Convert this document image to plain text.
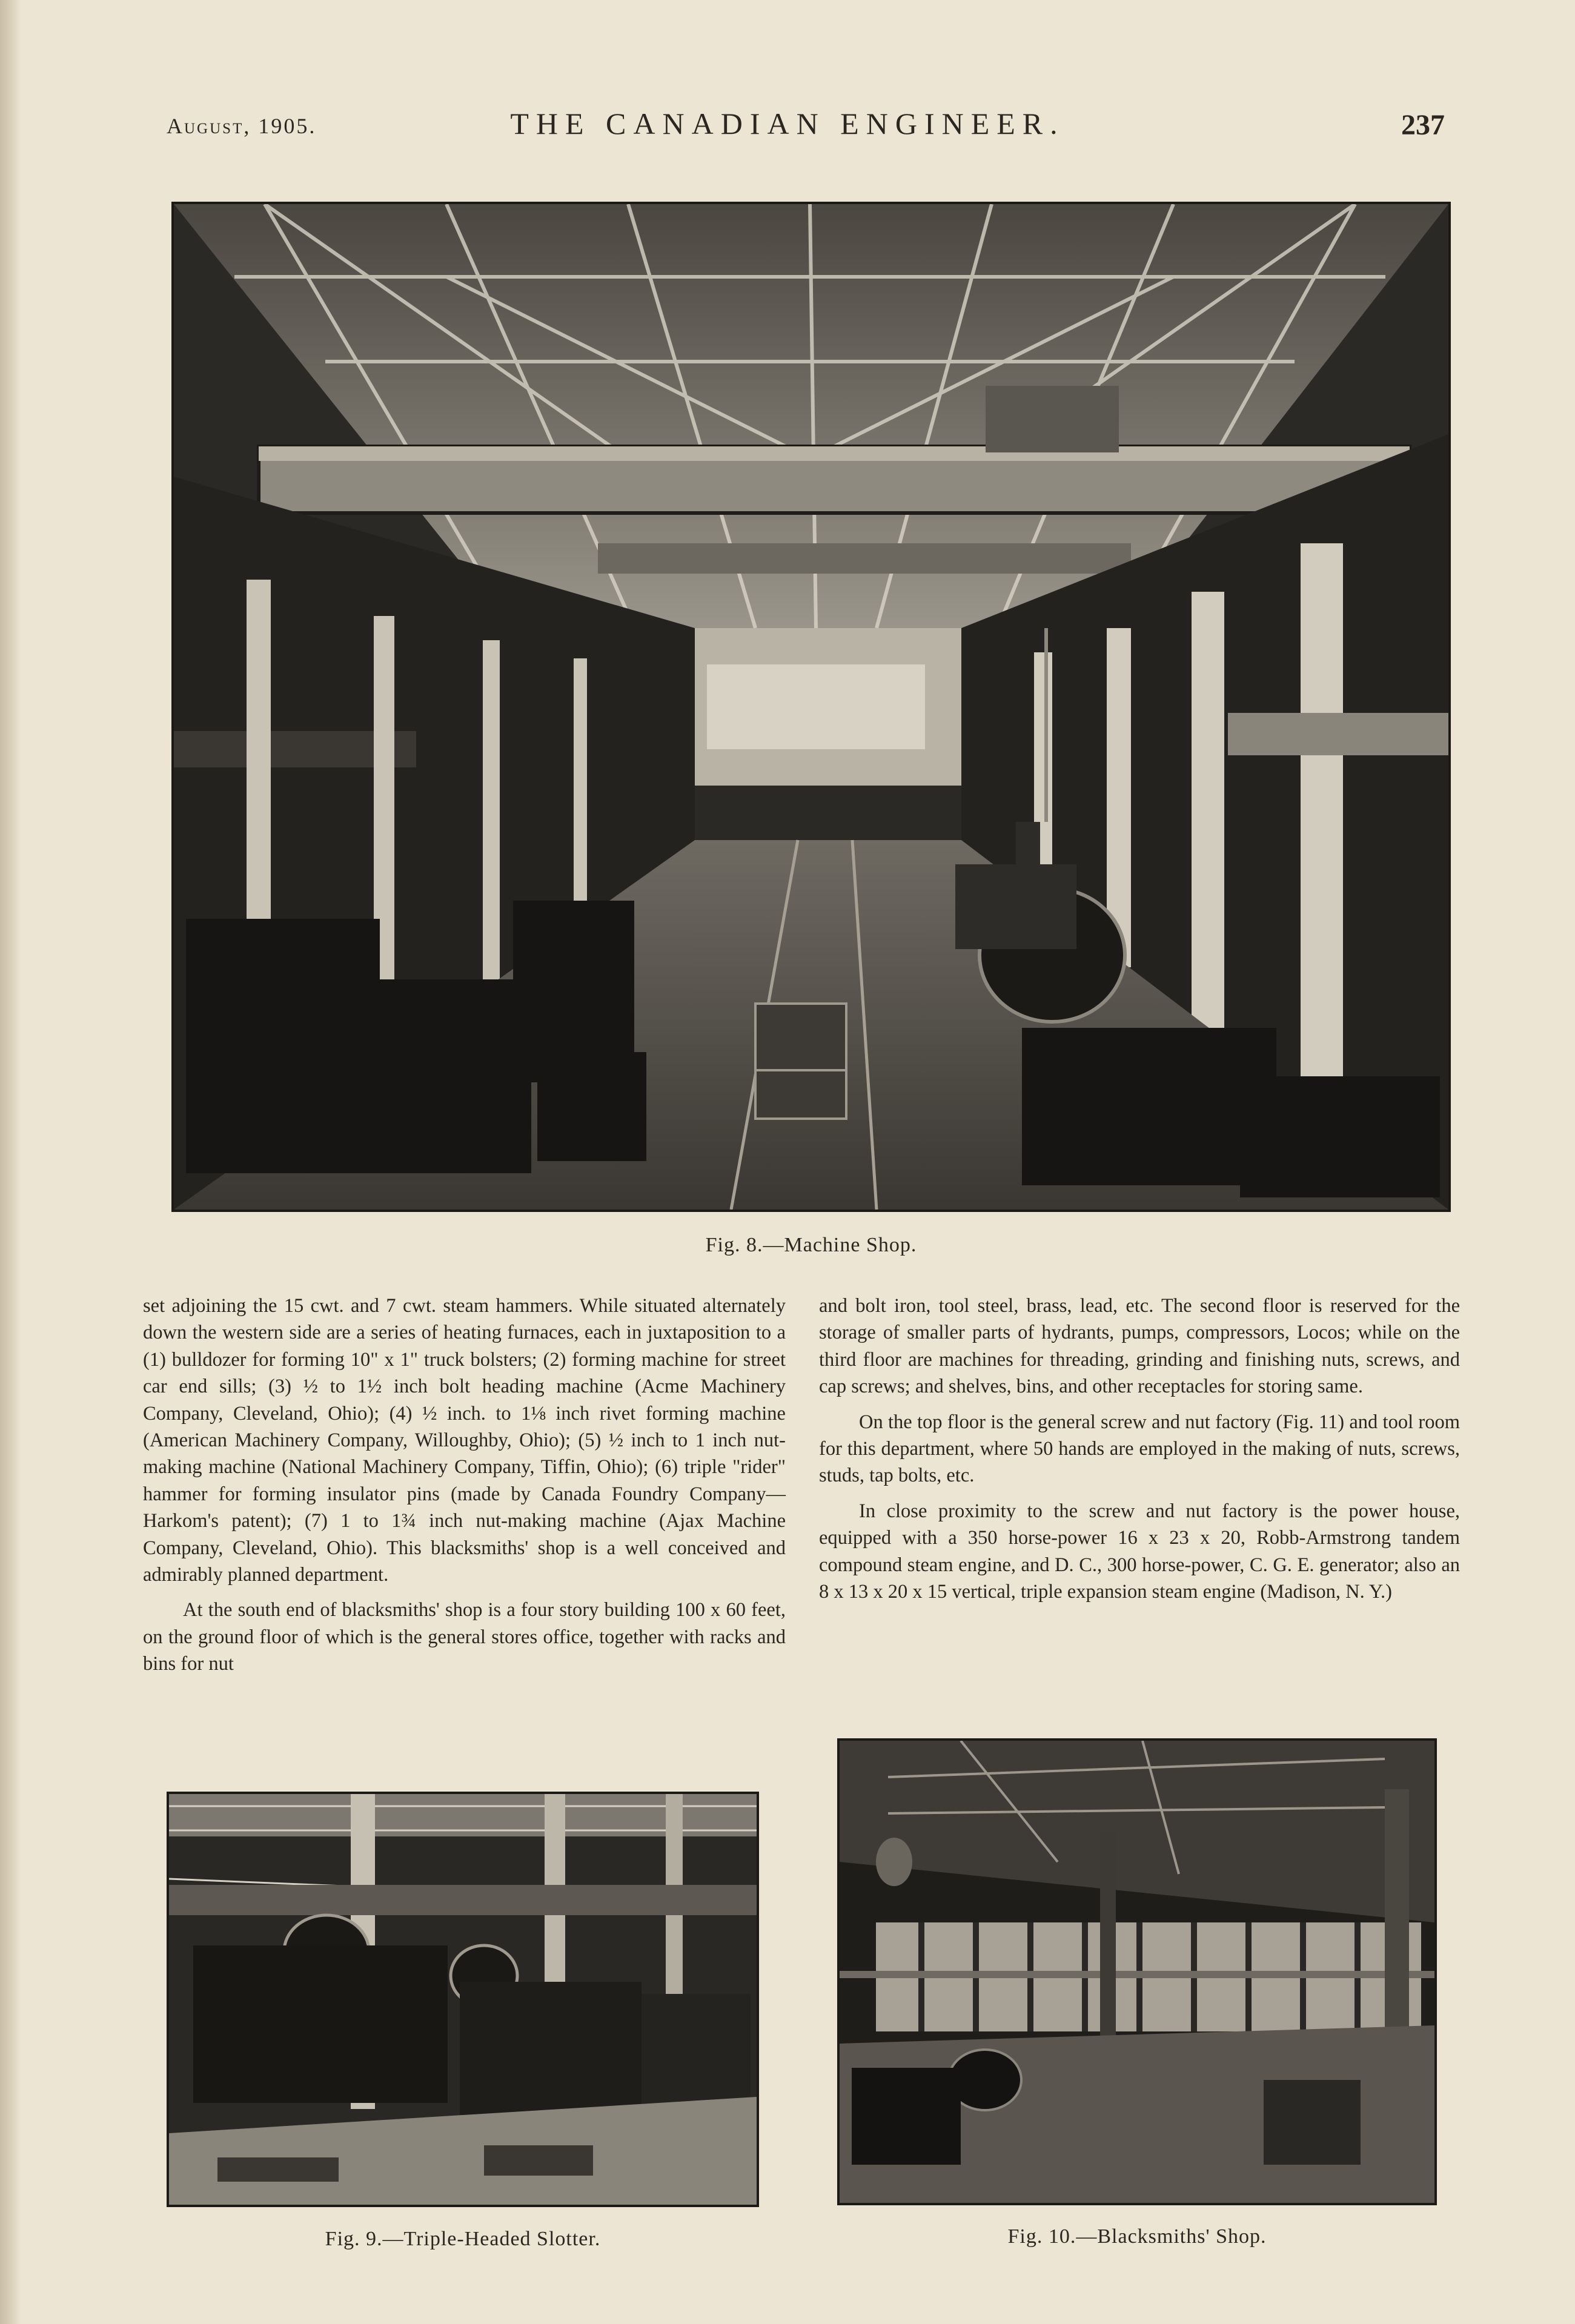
August, 1905.	THE CANADIAN ENGINEER.	237
Fig. 8.—Machine Shop.

set adjoining the 15 cwt. and 7 cwt. steam hammers. While situated alternately down the western side are a series of heating furnaces, each in juxtaposition to a (1) bulldozer for forming 10" x 1" truck bolsters; (2) forming machine for street car end sills; (3) ½ to 1½ inch bolt heading machine (Acme Machinery Company, Cleveland, Ohio); (4) ½ inch. to 1⅛ inch rivet forming machine (American Machinery Company, Willoughby, Ohio); (5) ½ inch to 1 inch nut-making machine (National Machinery Company, Tiffin, Ohio); (6) triple "rider" hammer for forming insulator pins (made by Canada Foundry Company—Harkom's patent); (7) 1 to 1¾ inch nut-making machine (Ajax Machine Company, Cleveland, Ohio). This blacksmiths' shop is a well conceived and admirably planned department.

At the south end of blacksmiths' shop is a four story building 100 x 60 feet, on the ground floor of which is the general stores office, together with racks and bins for nut

and bolt iron, tool steel, brass, lead, etc. The second floor is reserved for the storage of smaller parts of hydrants, pumps, compressors, Locos; while on the third floor are machines for threading, grinding and finishing nuts, screws, and cap screws; and shelves, bins, and other receptacles for storing same.

On the top floor is the general screw and nut factory (Fig. 11) and tool room for this department, where 50 hands are employed in the making of nuts, screws, studs, tap bolts, etc.

In close proximity to the screw and nut factory is the power house, equipped with a 350 horse-power 16 x 23 x 20, Robb-Armstrong tandem compound steam engine, and D. C., 300 horse-power, C. G. E. generator; also an 8 x 13 x 20 x 15 vertical, triple expansion steam engine (Madison, N. Y.)

Fig. 9.—Triple-Headed Slotter.	Fig. 10.—Blacksmiths' Shop.
